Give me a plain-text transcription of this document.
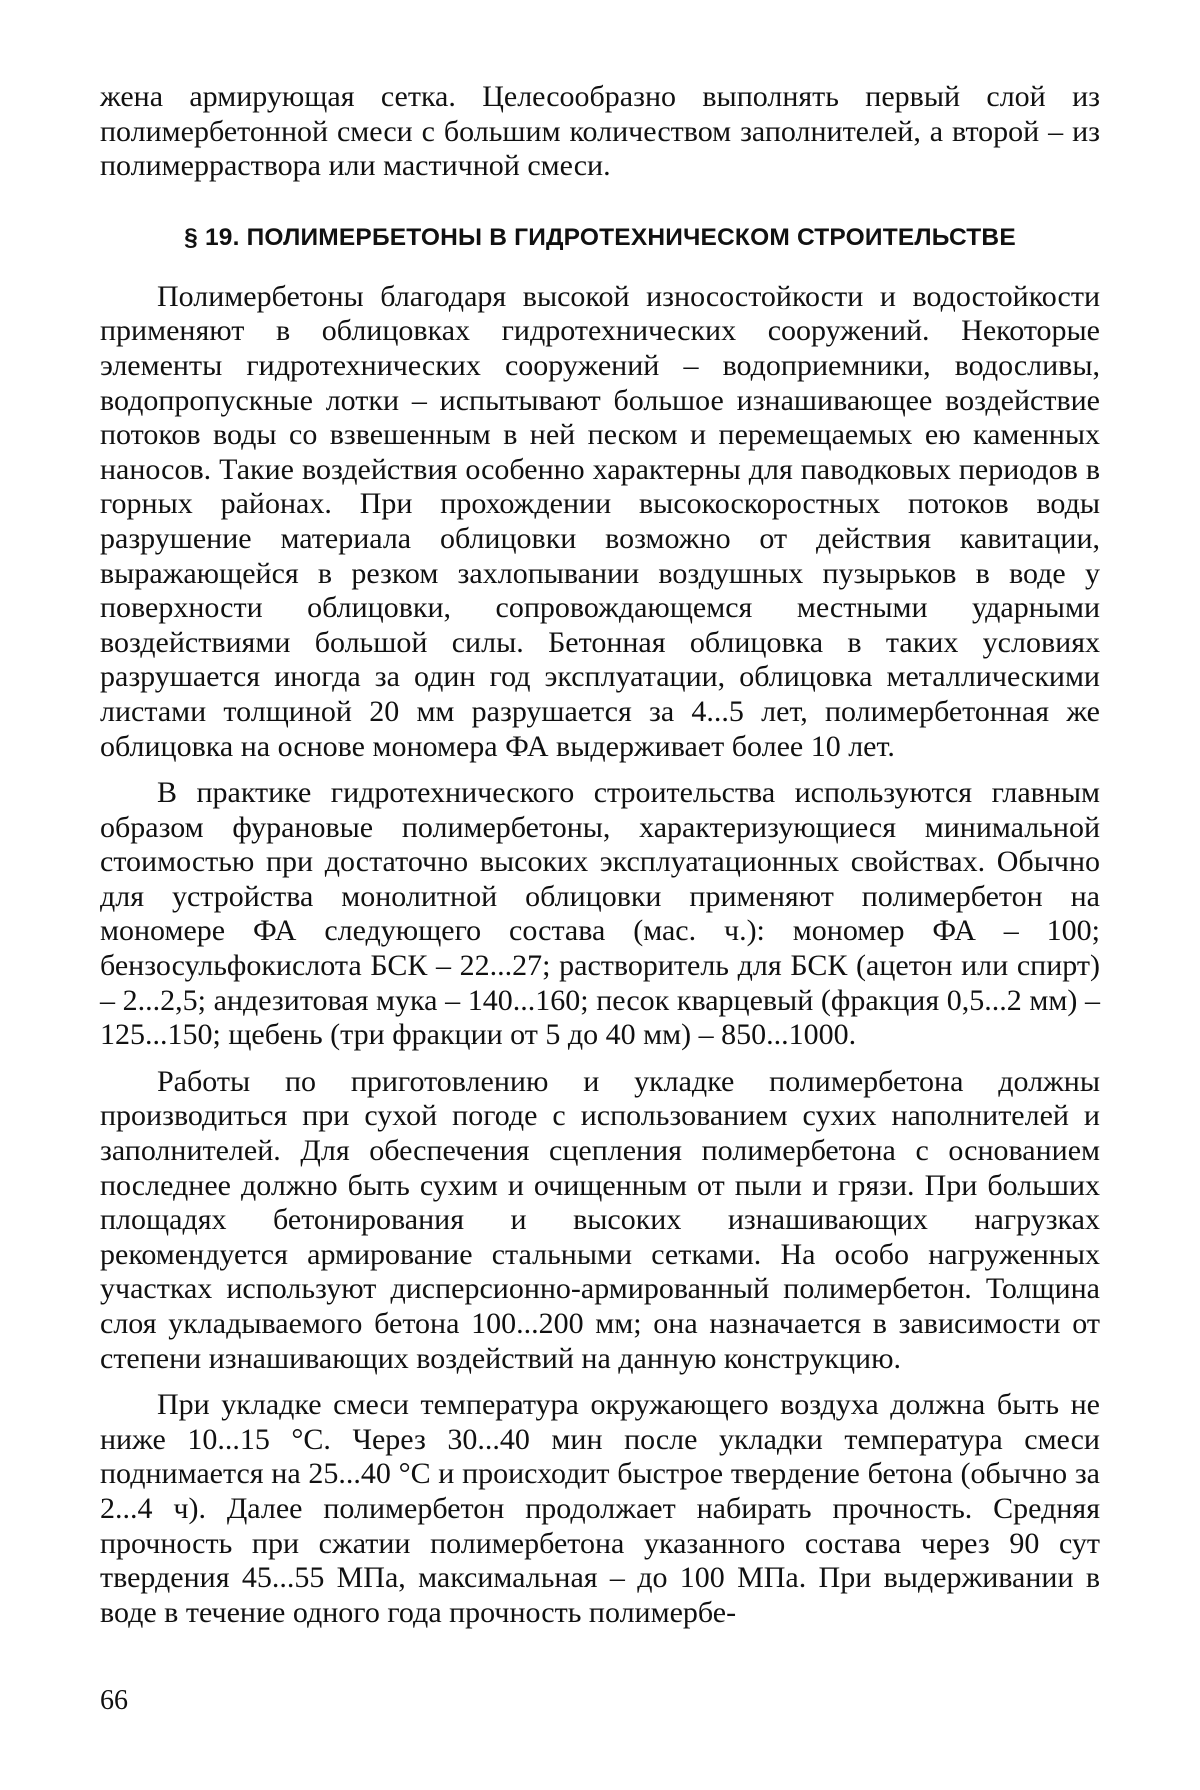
жена армирующая сетка. Целесообразно выполнять первый слой из полимербетонной смеси с большим количеством заполнителей, а второй – из полимерраствора или мастичной смеси.

§ 19. ПОЛИМЕРБЕТОНЫ В ГИДРОТЕХНИЧЕСКОМ СТРОИТЕЛЬСТВЕ

Полимербетоны благодаря высокой износостойкости и водостойкости применяют в облицовках гидротехнических сооружений. Некоторые элементы гидротехнических сооружений – водоприемники, водосливы, водопропускные лотки – испытывают большое изнашивающее воздействие потоков воды со взвешенным в ней песком и перемещаемых ею каменных наносов. Такие воздействия особенно характерны для паводковых периодов в горных районах. При прохождении высокоскоростных потоков воды разрушение материала облицовки возможно от действия кавитации, выражающейся в резком захлопывании воздушных пузырьков в воде у поверхности облицовки, сопровождающемся местными ударными воздействиями большой силы. Бетонная облицовка в таких условиях разрушается иногда за один год эксплуатации, облицовка металлическими листами толщиной 20 мм разрушается за 4...5 лет, полимербетонная же облицовка на основе мономера ФА выдерживает более 10 лет.

В практике гидротехнического строительства используются главным образом фурановые полимербетоны, характеризующиеся минимальной стоимостью при достаточно высоких эксплуатационных свойствах. Обычно для устройства монолитной облицовки применяют полимербетон на мономере ФА следующего состава (мас. ч.): мономер ФА – 100; бензосульфокислота БСК – 22...27; растворитель для БСК (ацетон или спирт) – 2...2,5; андезитовая мука – 140...160; песок кварцевый (фракция 0,5...2 мм) – 125...150; щебень (три фракции от 5 до 40 мм) – 850...1000.

Работы по приготовлению и укладке полимербетона должны производиться при сухой погоде с использованием сухих наполнителей и заполнителей. Для обеспечения сцепления полимербетона с основанием последнее должно быть сухим и очищенным от пыли и грязи. При больших площадях бетонирования и высоких изнашивающих нагрузках рекомендуется армирование стальными сетками. На особо нагруженных участках используют дисперсионно-армированный полимербетон. Толщина слоя укладываемого бетона 100...200 мм; она назначается в зависимости от степени изнашивающих воздействий на данную конструкцию.

При укладке смеси температура окружающего воздуха должна быть не ниже 10...15 °С. Через 30...40 мин после укладки температура смеси поднимается на 25...40 °С и происходит быстрое твердение бетона (обычно за 2...4 ч). Далее полимербетон продолжает набирать прочность. Средняя прочность при сжатии полимербетона указанного состава через 90 сут твердения 45...55 МПа, максимальная – до 100 МПа. При выдерживании в воде в течение одного года прочность полимербе-

66
